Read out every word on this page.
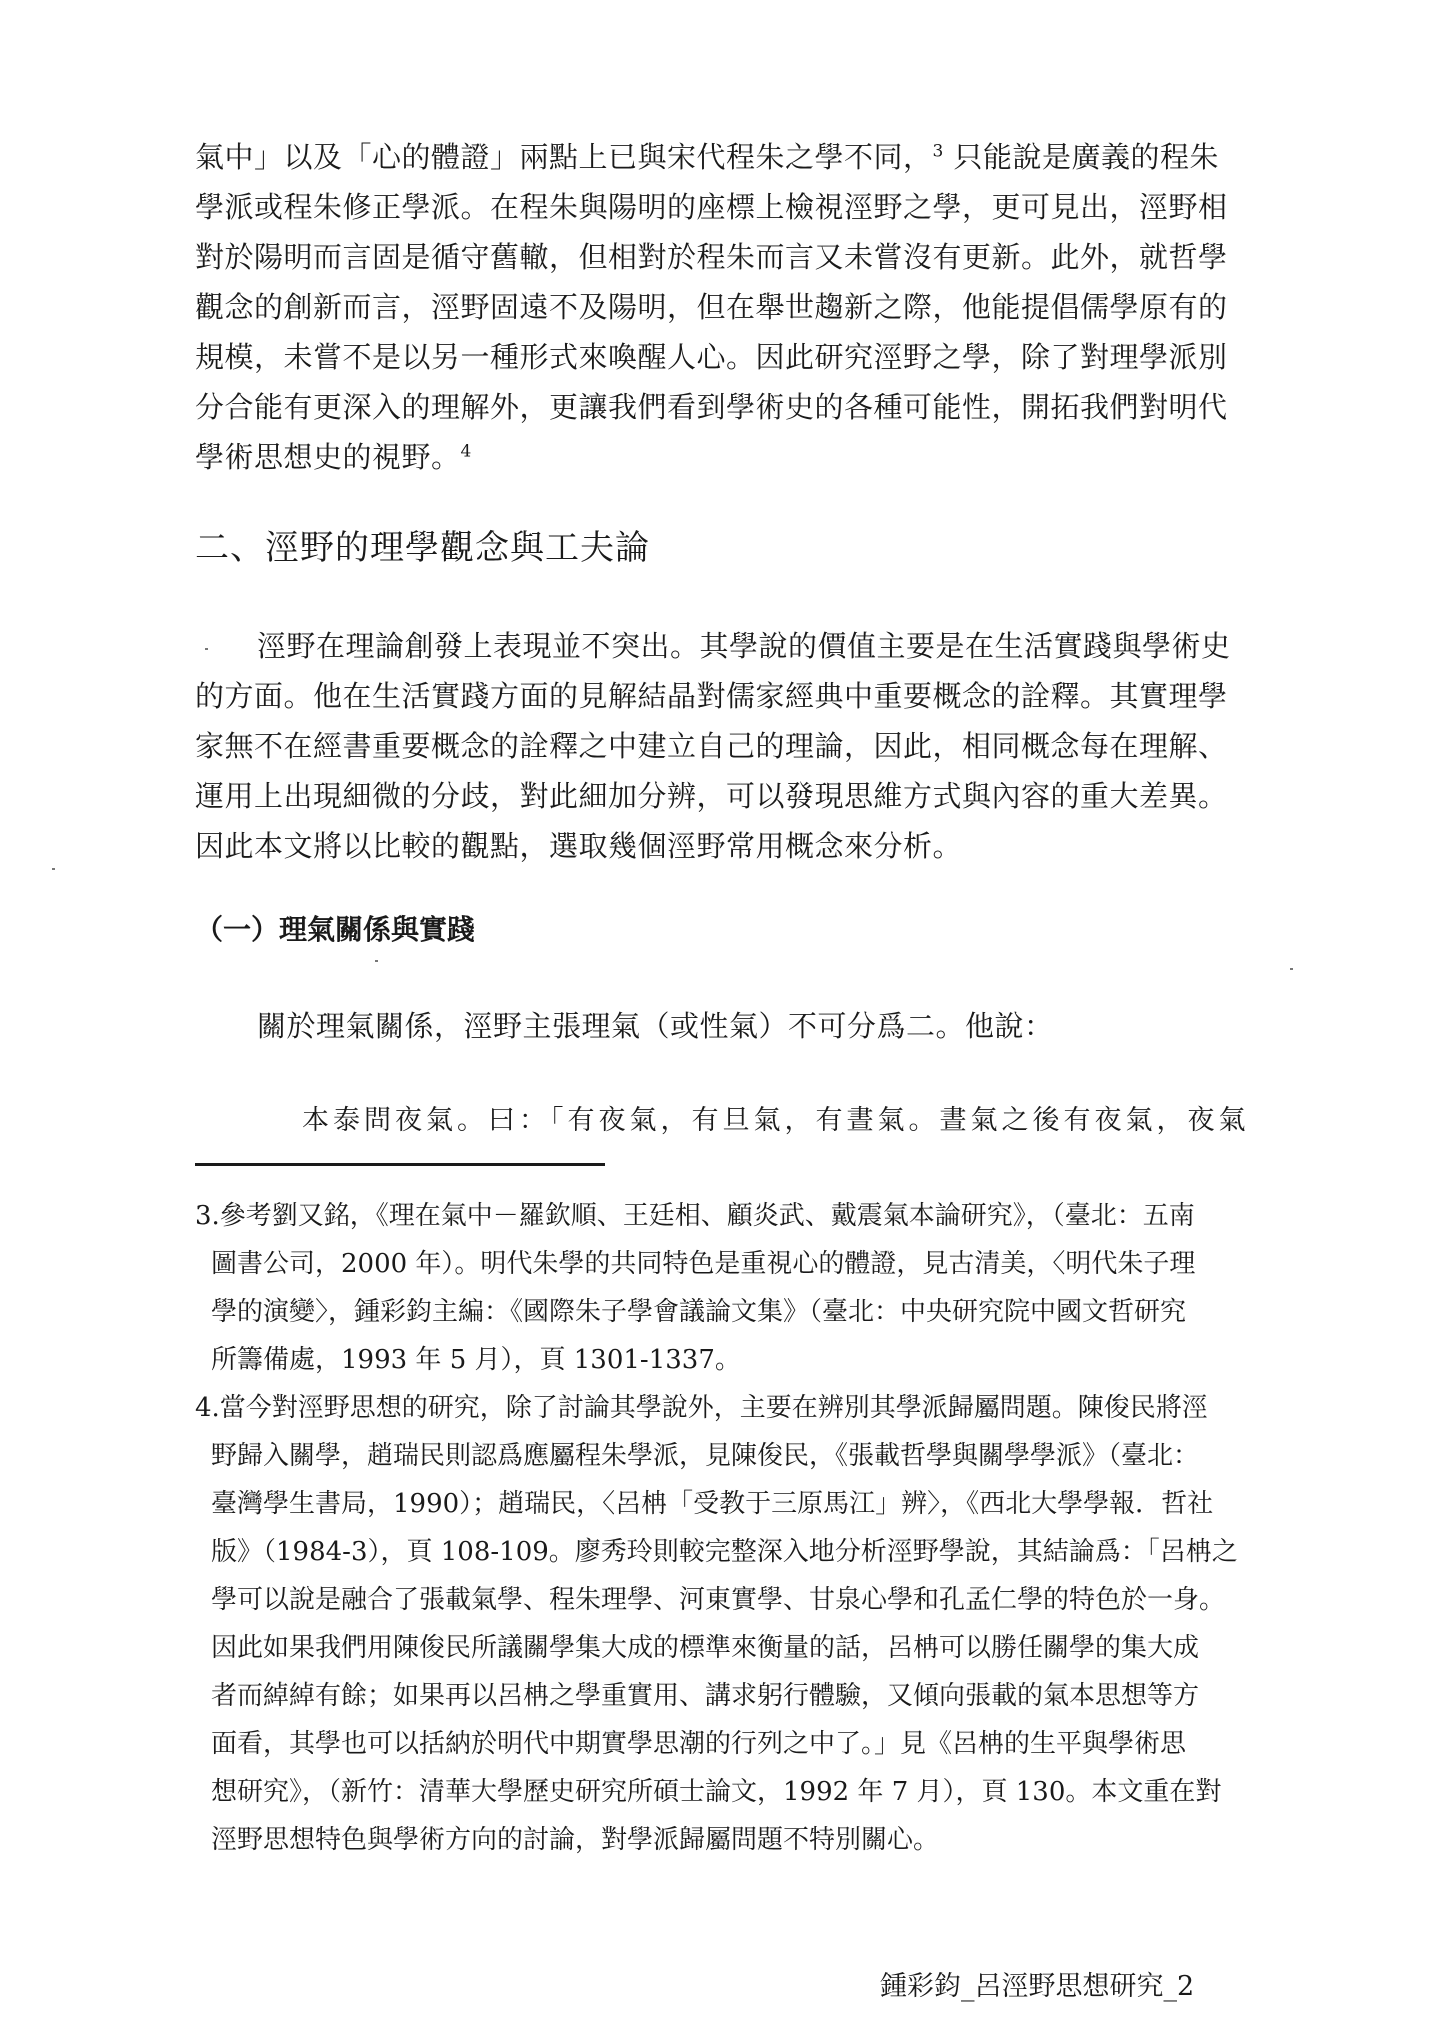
氣中」以及「心的體證」兩點上已與宋代程朱之學不同，$^3$ 只能說是廣義的程朱
學派或程朱修正學派。在程朱與陽明的座標上檢視涇野之學，更可見出，涇野相
對於陽明而言固是循守舊轍，但相對於程朱而言又未嘗沒有更新。此外，就哲學
觀念的創新而言，涇野固遠不及陽明，但在舉世趨新之際，他能提倡儒學原有的
規模，未嘗不是以另一種形式來喚醒人心。因此研究涇野之學，除了對理學派別
分合能有更深入的理解外，更讓我們看到學術史的各種可能性，開拓我們對明代
學術思想史的視野。$^4$
二、涇野的理學觀念與工夫論
涇野在理論創發上表現並不突出。其學說的價值主要是在生活實踐與學術史
的方面。他在生活實踐方面的見解結晶對儒家經典中重要概念的詮釋。其實理學
家無不在經書重要概念的詮釋之中建立自己的理論，因此，相同概念每在理解、
運用上出現細微的分歧，對此細加分辨，可以發現思維方式與內容的重大差異。
因此本文將以比較的觀點，選取幾個涇野常用概念來分析。
（一）理氣關係與實踐
關於理氣關係，涇野主張理氣（或性氣）不可分爲二。他說：
本泰問夜氣。曰：「有夜氣，有旦氣，有晝氣。晝氣之後有夜氣，夜氣
3.參考劉又銘，《理在氣中－羅欽順、王廷相、顧炎武、戴震氣本論研究》，（臺北：五南
圖書公司，2000 年）。明代朱學的共同特色是重視心的體證，見古清美，〈明代朱子理
學的演變〉，鍾彩鈞主編：《國際朱子學會議論文集》（臺北：中央研究院中國文哲研究
所籌備處，1993 年 5 月），頁 1301-1337。
4.當今對涇野思想的研究，除了討論其學說外，主要在辨別其學派歸屬問題。陳俊民將涇
野歸入關學，趙瑞民則認爲應屬程朱學派，見陳俊民，《張載哲學與關學學派》（臺北：
臺灣學生書局，1990）；趙瑞民，〈呂柟「受教于三原馬江」辨〉，《西北大學學報．哲社
版》（1984-3），頁 108-109。廖秀玲則較完整深入地分析涇野學說，其結論爲：「呂柟之
學可以說是融合了張載氣學、程朱理學、河東實學、甘泉心學和孔孟仁學的特色於一身。
因此如果我們用陳俊民所議關學集大成的標準來衡量的話，呂柟可以勝任關學的集大成
者而綽綽有餘；如果再以呂柟之學重實用、講求躬行體驗，又傾向張載的氣本思想等方
面看，其學也可以括納於明代中期實學思潮的行列之中了。」見《呂柟的生平與學術思
想研究》，（新竹：清華大學歷史研究所碩士論文，1992 年 7 月），頁 130。本文重在對
涇野思想特色與學術方向的討論，對學派歸屬問題不特別關心。
鍾彩鈞_呂涇野思想研究_2
